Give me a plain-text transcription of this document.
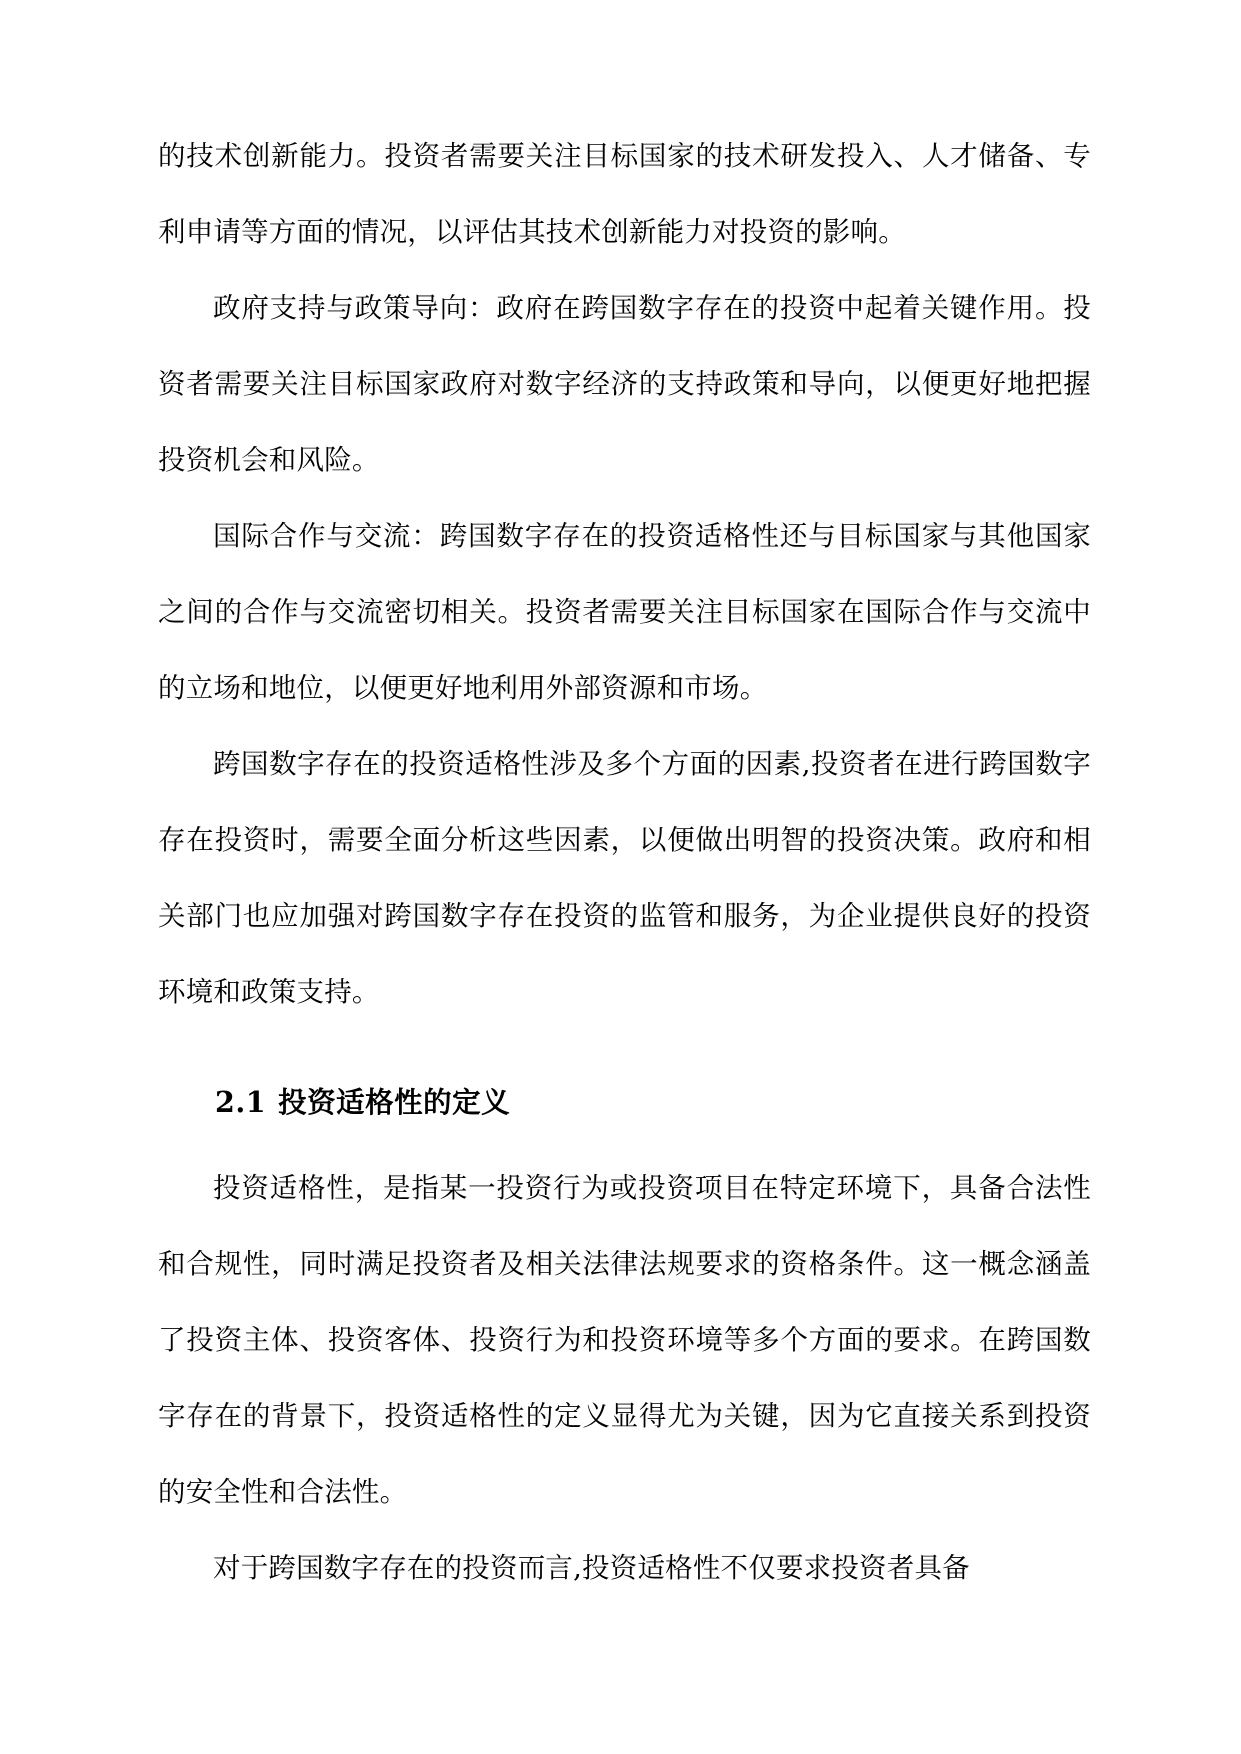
的技术创新能力。投资者需要关注目标国家的技术研发投入、人才储备、专利申请等方面的情况，以评估其技术创新能力对投资的影响。

政府支持与政策导向：政府在跨国数字存在的投资中起着关键作用。投资者需要关注目标国家政府对数字经济的支持政策和导向，以便更好地把握投资机会和风险。

国际合作与交流：跨国数字存在的投资适格性还与目标国家与其他国家之间的合作与交流密切相关。投资者需要关注目标国家在国际合作与交流中的立场和地位，以便更好地利用外部资源和市场。

跨国数字存在的投资适格性涉及多个方面的因素,投资者在进行跨国数字存在投资时，需要全面分析这些因素，以便做出明智的投资决策。政府和相关部门也应加强对跨国数字存在投资的监管和服务，为企业提供良好的投资环境和政策支持。

2.1 投资适格性的定义

投资适格性，是指某一投资行为或投资项目在特定环境下，具备合法性和合规性，同时满足投资者及相关法律法规要求的资格条件。这一概念涵盖了投资主体、投资客体、投资行为和投资环境等多个方面的要求。在跨国数字存在的背景下，投资适格性的定义显得尤为关键，因为它直接关系到投资的安全性和合法性。

对于跨国数字存在的投资而言,投资适格性不仅要求投资者具备
